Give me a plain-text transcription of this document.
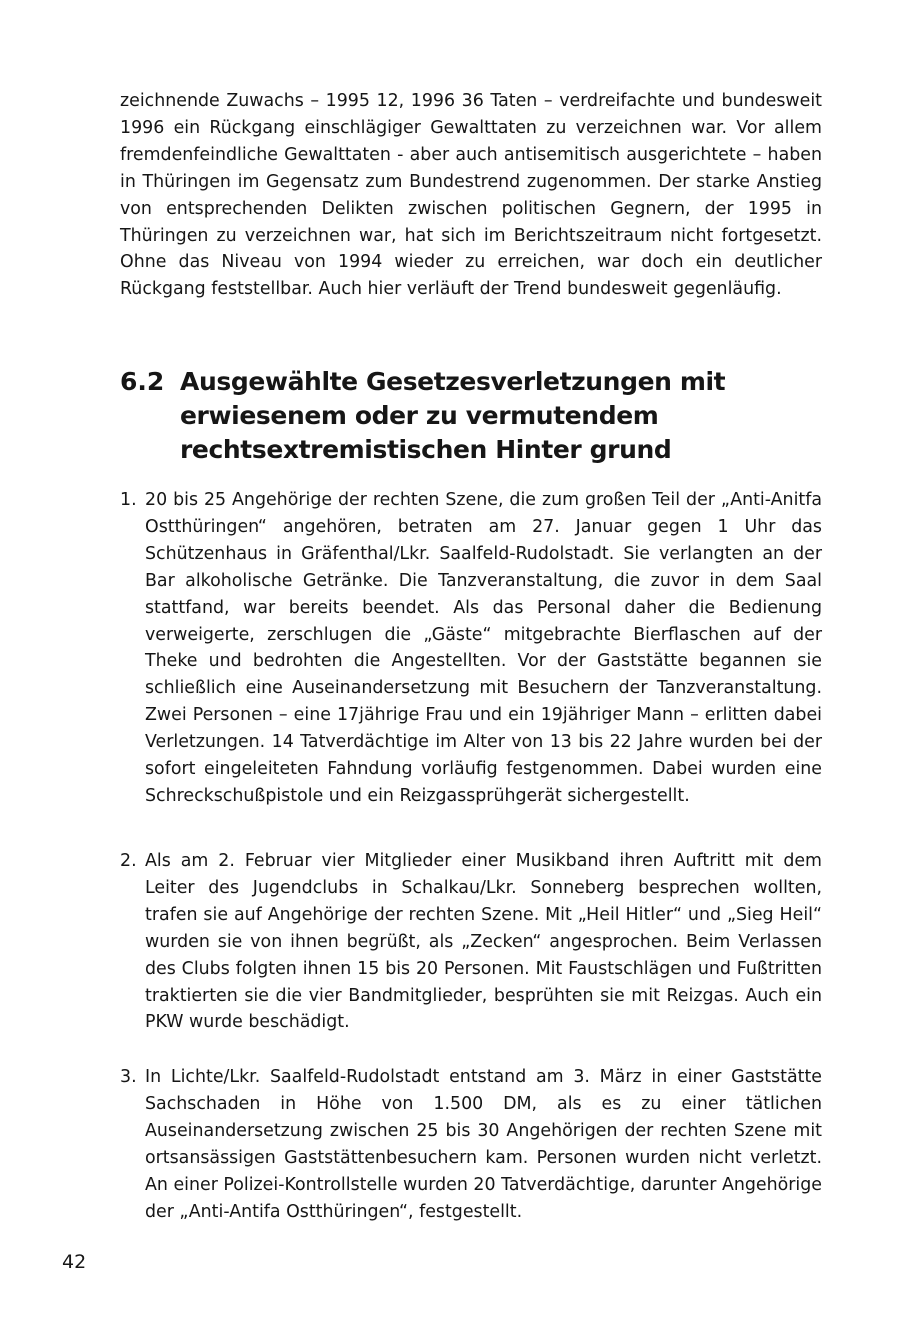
zeichnende Zuwachs – 1995 12, 1996 36 Taten – verdreifachte und bundesweit 1996 ein Rückgang einschlägiger Gewalttaten zu verzeichnen war. Vor allem fremdenfeindliche Gewalttaten - aber auch antisemitisch ausgerichtete – haben in Thüringen im Gegensatz zum Bundestrend zugenommen. Der starke Anstieg von entsprechenden Delikten zwischen politischen Gegnern, der 1995 in Thüringen zu verzeichnen war, hat sich im Berichtszeitraum nicht fortgesetzt. Ohne das Niveau von 1994 wieder zu erreichen, war doch ein deutlicher Rückgang feststellbar. Auch hier verläuft der Trend bundesweit gegenläufig.

6.2 Ausgewählte Gesetzesverletzungen mit erwiesenem oder zu vermutendem rechtsextremistischen Hinter grund
1. 20 bis 25 Angehörige der rechten Szene, die zum großen Teil der „Anti-Anitfa Ostthüringen“ angehören, betraten am 27. Januar gegen 1 Uhr das Schützenhaus in Gräfenthal/Lkr. Saalfeld-Rudolstadt. Sie verlangten an der Bar alkoholische Getränke. Die Tanzveranstaltung, die zuvor in dem Saal stattfand, war bereits beendet. Als das Personal daher die Bedienung verweigerte, zerschlugen die „Gäste“ mitgebrachte Bierflaschen auf der Theke und bedrohten die Angestellten. Vor der Gaststätte begannen sie schließlich eine Auseinandersetzung mit Besuchern der Tanzveranstaltung. Zwei Personen – eine 17jährige Frau und ein 19jähriger Mann – erlitten dabei Verletzungen. 14 Tatverdächtige im Alter von 13 bis 22 Jahre wurden bei der sofort eingeleiteten Fahndung vorläufig festgenommen. Dabei wurden eine Schreckschußpistole und ein Reizgassprühgerät sichergestellt.

2. Als am 2. Februar vier Mitglieder einer Musikband ihren Auftritt mit dem Leiter des Jugendclubs in Schalkau/Lkr. Sonneberg besprechen wollten, trafen sie auf Angehörige der rechten Szene. Mit „Heil Hitler“ und „Sieg Heil“ wurden sie von ihnen begrüßt, als „Zecken“ angesprochen. Beim Verlassen des Clubs folgten ihnen 15 bis 20 Personen. Mit Faustschlägen und Fußtritten traktierten sie die vier Bandmitglieder, besprühten sie mit Reizgas. Auch ein PKW wurde beschädigt.

3. In Lichte/Lkr. Saalfeld-Rudolstadt entstand am 3. März in einer Gaststätte Sachschaden in Höhe von 1.500 DM, als es zu einer tätlichen Auseinandersetzung zwischen 25 bis 30 Angehörigen der rechten Szene mit ortsansässigen Gaststättenbesuchern kam. Personen wurden nicht verletzt. An einer Polizei-Kontrollstelle wurden 20 Tatverdächtige, darunter Angehörige der „Anti-Antifa Ostthüringen“, festgestellt.

42
